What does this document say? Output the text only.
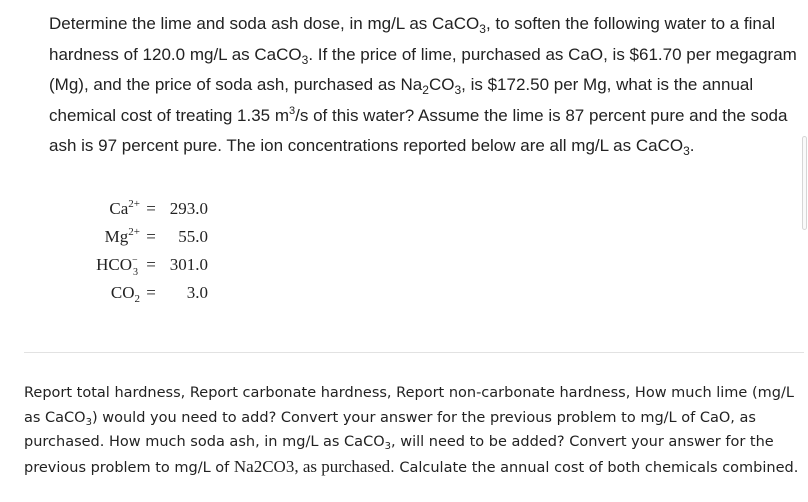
Determine the lime and soda ash dose, in mg/L as CaCO$_3$, to soften the following water to a final hardness of 120.0 mg/L as CaCO$_3$. If the price of lime, purchased as CaO, is $61.70 per megagram (Mg), and the price of soda ash, purchased as $Na_2CO_3$, is $172.50 per Mg, what is the annual chemical cost of treating 1.35 $m^3/s$ of this water? Assume the lime is 87 percent pure and the soda ash is 97 percent pure. The ion concentrations reported below are all mg/L as CaCO$_3$.

$Ca^{2+} = 293.0$
$Mg^{2+}$ =	55.0
HCO −
3 = 301.0
$CO_2$ =	3.0

Report total hardness, Report carbonate hardness, Report non-carbonate hardness, How much lime (mg/L as CaCO$_3$) would you need to add? Convert your answer for the previous problem to mg/L of CaO, as purchased. How much soda ash, in mg/L as CaCO$_3$, will need to be added? Convert your answer for the previous problem to mg/L of Na2CO3, as purchased. Calculate the annual cost of both chemicals combined.
